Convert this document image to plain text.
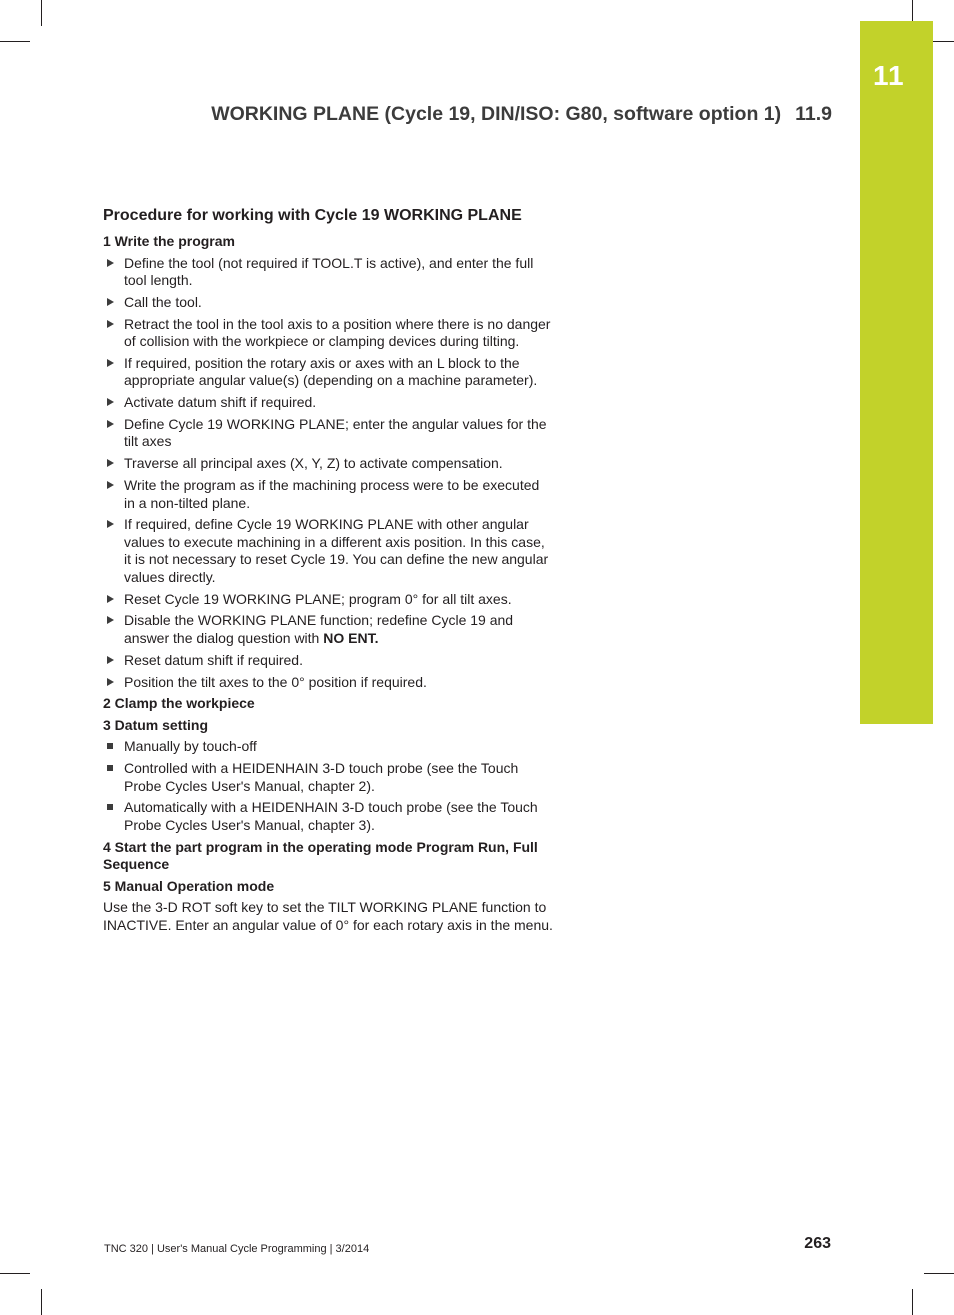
11
WORKING PLANE (Cycle 19, DIN/ISO: G80, software option 1) 11.9
Procedure for working with Cycle 19 WORKING PLANE
1 Write the program
Define the tool (not required if TOOL.T is active), and enter the full tool length.
Call the tool.
Retract the tool in the tool axis to a position where there is no danger of collision with the workpiece or clamping devices during tilting.
If required, position the rotary axis or axes with an L block to the appropriate angular value(s) (depending on a machine parameter).
Activate datum shift if required.
Define Cycle 19 WORKING PLANE; enter the angular values for the tilt axes
Traverse all principal axes (X, Y, Z) to activate compensation.
Write the program as if the machining process were to be executed in a non-tilted plane.
If required, define Cycle 19 WORKING PLANE with other angular values to execute machining in a different axis position. In this case, it is not necessary to reset Cycle 19. You can define the new angular values directly.
Reset Cycle 19 WORKING PLANE; program 0° for all tilt axes.
Disable the WORKING PLANE function; redefine Cycle 19 and answer the dialog question with NO ENT.
Reset datum shift if required.
Position the tilt axes to the 0° position if required.
2 Clamp the workpiece
3 Datum setting
Manually by touch-off
Controlled with a HEIDENHAIN 3-D touch probe (see the Touch Probe Cycles User's Manual, chapter 2).
Automatically with a HEIDENHAIN 3-D touch probe (see the Touch Probe Cycles User's Manual, chapter 3).
4 Start the part program in the operating mode Program Run, Full Sequence
5 Manual Operation mode

Use the 3-D ROT soft key to set the TILT WORKING PLANE function to INACTIVE. Enter an angular value of 0° for each rotary axis in the menu.

TNC 320 | User's Manual Cycle Programming | 3/2014	263
